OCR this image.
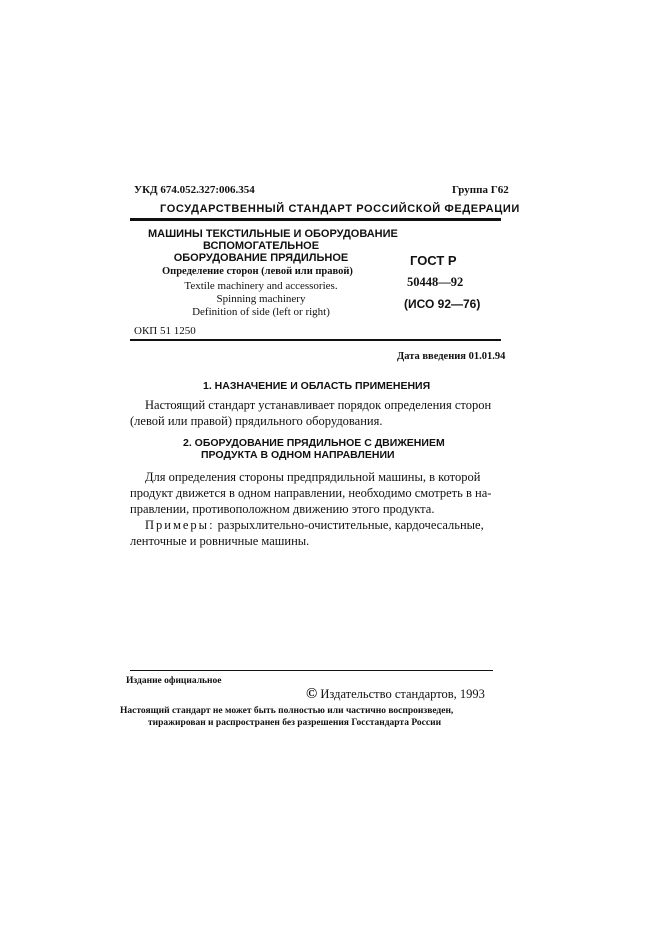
УКД 674.052.327:006.354	Группа Г62
ГОСУДАРСТВЕННЫЙ СТАНДАРТ РОССИЙСКОЙ ФЕДЕРАЦИИ
МАШИНЫ ТЕКСТИЛЬНЫЕ И ОБОРУДОВАНИЕ
ВСПОМОГАТЕЛЬНОЕ
ОБОРУДОВАНИЕ ПРЯДИЛЬНОЕ
Определение сторон (левой или правой)
Textile machinery and accessories.
Spinning machinery
Definition of side (left or right)
ГОСТ Р
50448—92
(ИСО 92—76)
ОКП 51 1250
Дата введения 01.01.94
1. НАЗНАЧЕНИЕ И ОБЛАСТЬ ПРИМЕНЕНИЯ
Настоящий стандарт устанавливает порядок определения сторон
(левой или правой) прядильного оборудования.
2. ОБОРУДОВАНИЕ ПРЯДИЛЬНОЕ С ДВИЖЕНИЕМ
ПРОДУКТА В ОДНОМ НАПРАВЛЕНИИ
Для определения стороны предпрядильной машины, в которой
продукт движется в одном направлении, необходимо смотреть в на-
правлении, противоположном движению этого продукта.
Примеры: разрыхлительно-очистительные, кардочесальные,
ленточные и ровничные машины.
Издание официальное
© Издательство стандартов, 1993
Настоящий стандарт не может быть полностью или частично воспроизведен,
тиражирован и распространен без разрешения Госстандарта России
